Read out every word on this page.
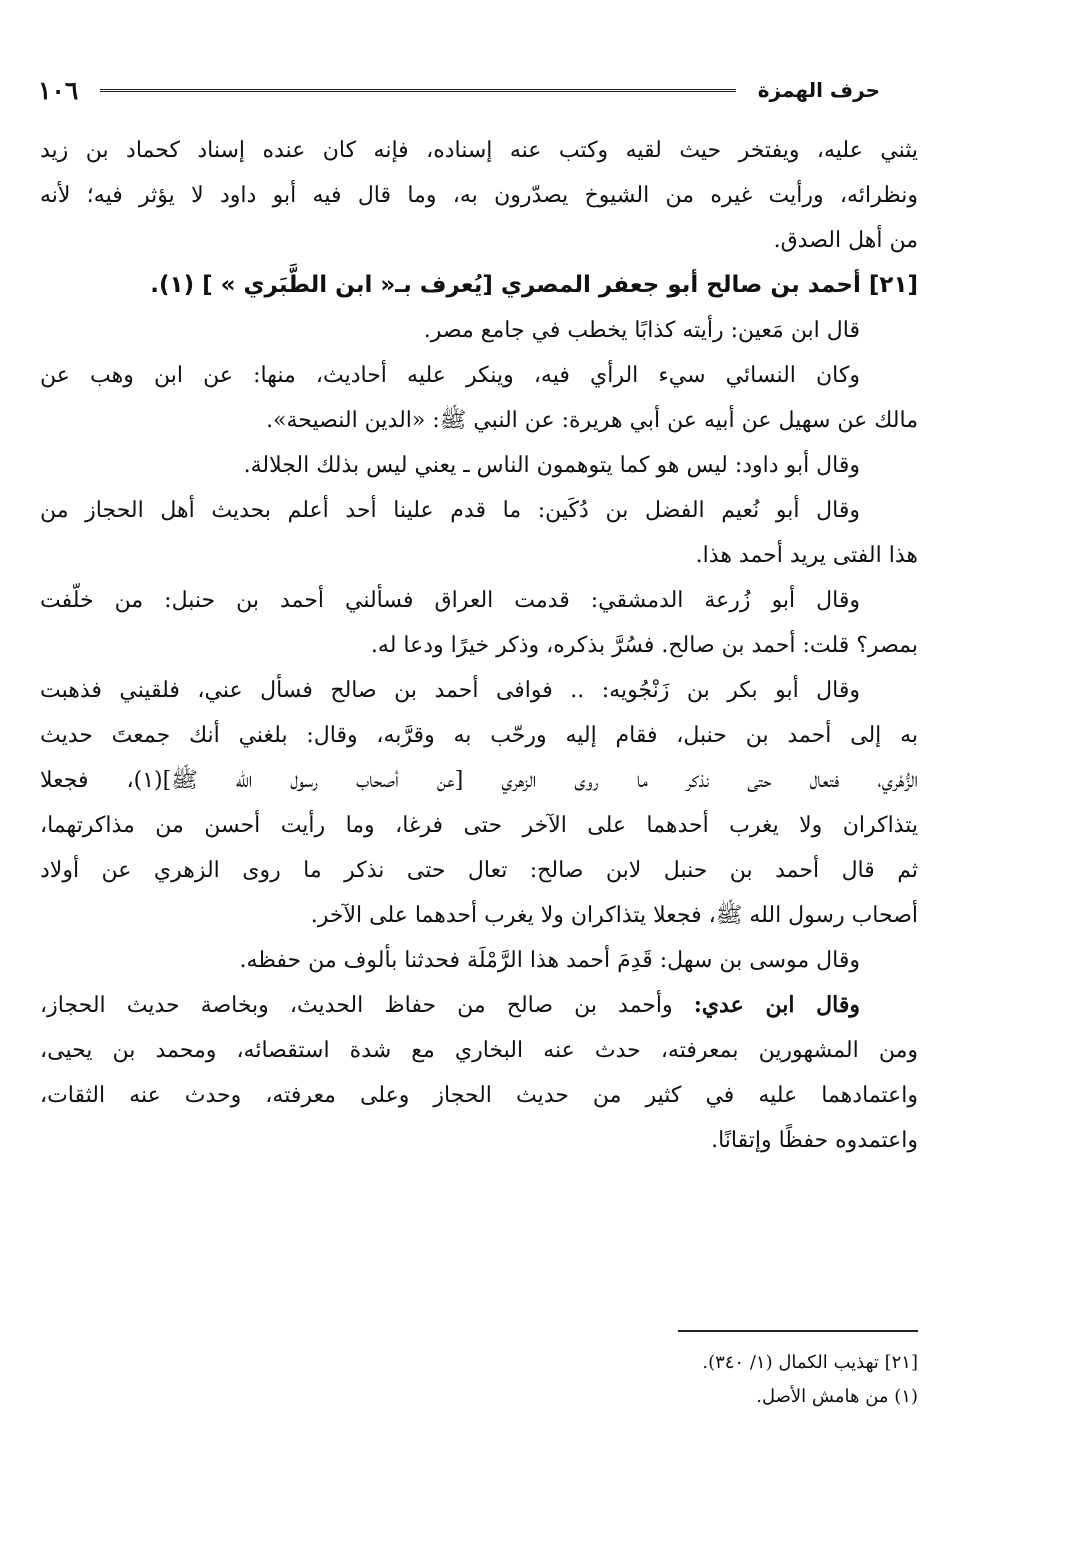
حرف الهمزة
١٠٦
يثني عليه، ويفتخر حيث لقيه وكتب عنه إسناده، فإنه كان عنده إسناد كحماد بن زيد
ونظرائه، ورأيت غيره من الشيوخ يصدّرون به، وما قال فيه أبو داود لا يؤثر فيه؛ لأنه
من أهل الصدق.
[٢١] أحمد بن صالح أبو جعفر المصري [يُعرف بـ« ابن الطَّبَري » ] (١).
قال ابن مَعين: رأيته كذابًا يخطب في جامع مصر.
وكان النسائي سيء الرأي فيه، وينكر عليه أحاديث، منها: عن ابن وهب عن
مالك عن سهيل عن أبيه عن أبي هريرة: عن النبي ﷺ: «الدين النصيحة».
وقال أبو داود: ليس هو كما يتوهمون الناس ـ يعني ليس بذلك الجلالة.
وقال أبو نُعيم الفضل بن دُكَين: ما قدم علينا أحد أعلم بحديث أهل الحجاز من
هذا الفتى يريد أحمد هذا.
وقال أبو زُرعة الدمشقي: قدمت العراق فسألني أحمد بن حنبل: من خلّفت
بمصر؟ قلت: أحمد بن صالح. فسُرَّ بذكره، وذكر خيرًا ودعا له.
وقال أبو بكر بن زَنْجُويه: .. فوافى أحمد بن صالح فسأل عني، فلقيني فذهبت
به إلى أحمد بن حنبل، فقام إليه ورحّب به وقرَّبه، وقال: بلغني أنك جمعتَ حديث
الزُّهْري، فتعال حتى نذكر ما روى الزهري [عن أصحاب رسول الله ﷺ](١)، فجعلا
يتذاكران ولا يغرب أحدهما على الآخر حتى فرغا، وما رأيت أحسن من مذاكرتهما،
ثم قال أحمد بن حنبل لابن صالح: تعال حتى نذكر ما روى الزهري عن أولاد
أصحاب رسول الله ﷺ، فجعلا يتذاكران ولا يغرب أحدهما على الآخر.
وقال موسى بن سهل: قَدِمَ أحمد هذا الرَّمْلَة فحدثنا بألوف من حفظه.
وقال ابن عدي: وأحمد بن صالح من حفاظ الحديث، وبخاصة حديث الحجاز،
ومن المشهورين بمعرفته، حدث عنه البخاري مع شدة استقصائه، ومحمد بن يحيى،
واعتمادهما عليه في كثير من حديث الحجاز وعلى معرفته، وحدث عنه الثقات،
واعتمدوه حفظًا وإتقانًا.
[٢١] تهذيب الكمال (١/ ٣٤٠).
(١) من هامش الأصل.
